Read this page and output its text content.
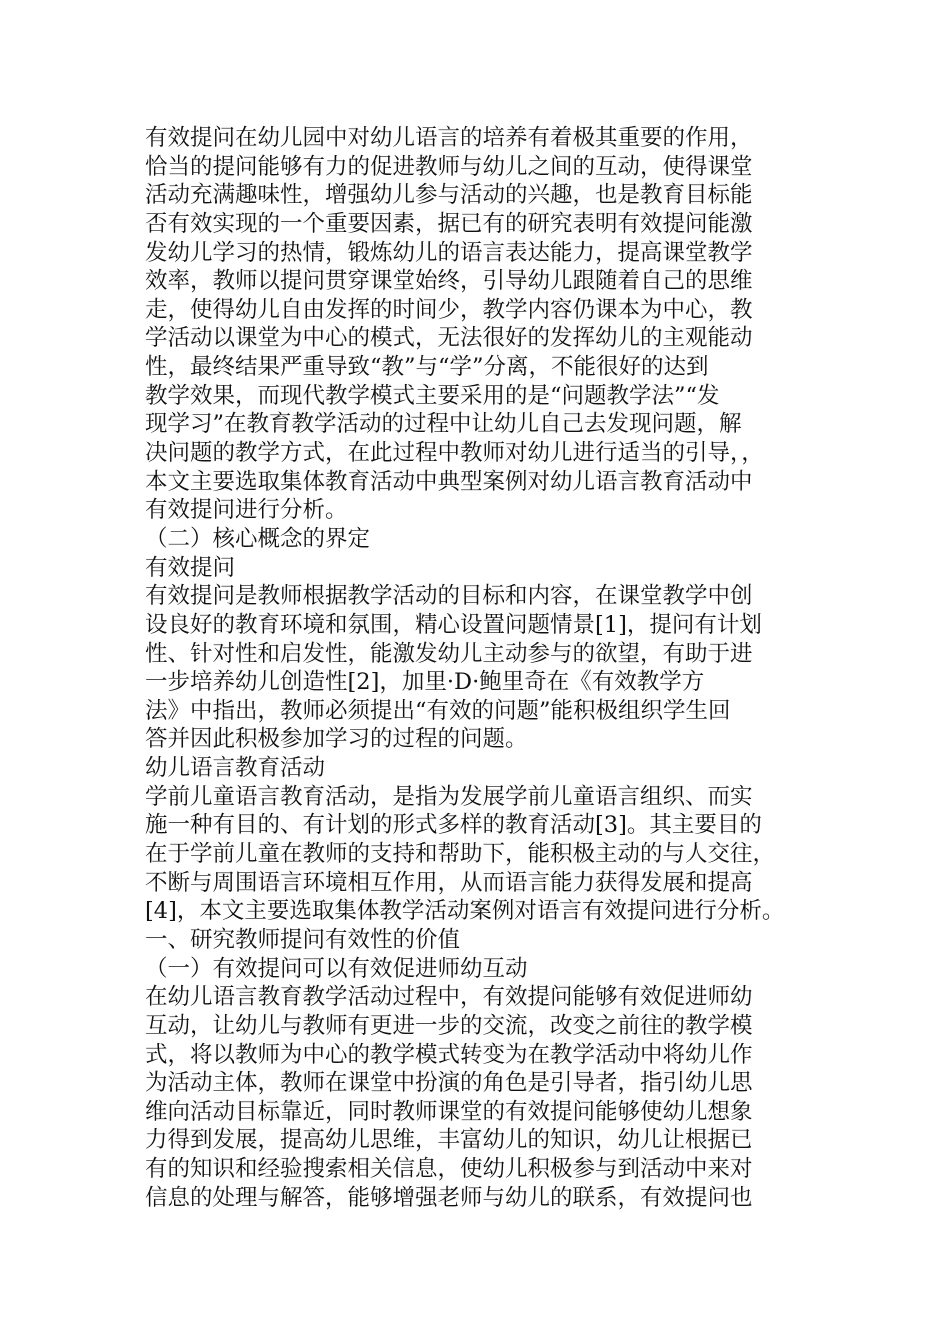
有效提问在幼儿园中对幼儿语言的培养有着极其重要的作用，
恰当的提问能够有力的促进教师与幼儿之间的互动，使得课堂
活动充满趣味性，增强幼儿参与活动的兴趣，也是教育目标能
否有效实现的一个重要因素，据已有的研究表明有效提问能激
发幼儿学习的热情，锻炼幼儿的语言表达能力，提高课堂教学
效率，教师以提问贯穿课堂始终，引导幼儿跟随着自己的思维
走，使得幼儿自由发挥的时间少，教学内容仍课本为中心，教
学活动以课堂为中心的模式，无法很好的发挥幼儿的主观能动
性，最终结果严重导致“教”与“学”分离，不能很好的达到
教学效果，而现代教学模式主要采用的是“问题教学法”“发
现学习”在教育教学活动的过程中让幼儿自己去发现问题，解
决问题的教学方式，在此过程中教师对幼儿进行适当的引导，，
本文主要选取集体教育活动中典型案例对幼儿语言教育活动中
有效提问进行分析。
（二）核心概念的界定
有效提问
有效提问是教师根据教学活动的目标和内容，在课堂教学中创
设良好的教育环境和氛围，精心设置问题情景[1]，提问有计划
性、针对性和启发性，能激发幼儿主动参与的欲望，有助于进
一步培养幼儿创造性[2]，加里·D·鲍里奇在《有效教学方
法》中指出，教师必须提出“有效的问题”能积极组织学生回
答并因此积极参加学习的过程的问题。
幼儿语言教育活动
学前儿童语言教育活动，是指为发展学前儿童语言组织、而实
施一种有目的、有计划的形式多样的教育活动[3]。其主要目的
在于学前儿童在教师的支持和帮助下，能积极主动的与人交往，
不断与周围语言环境相互作用，从而语言能力获得发展和提高
[4]，本文主要选取集体教学活动案例对语言有效提问进行分析。
一、研究教师提问有效性的价值
（一）有效提问可以有效促进师幼互动
在幼儿语言教育教学活动过程中，有效提问能够有效促进师幼
互动，让幼儿与教师有更进一步的交流，改变之前往的教学模
式，将以教师为中心的教学模式转变为在教学活动中将幼儿作
为活动主体，教师在课堂中扮演的角色是引导者，指引幼儿思
维向活动目标靠近，同时教师课堂的有效提问能够使幼儿想象
力得到发展，提高幼儿思维，丰富幼儿的知识，幼儿让根据已
有的知识和经验搜索相关信息，使幼儿积极参与到活动中来对
信息的处理与解答，能够增强老师与幼儿的联系，有效提问也
